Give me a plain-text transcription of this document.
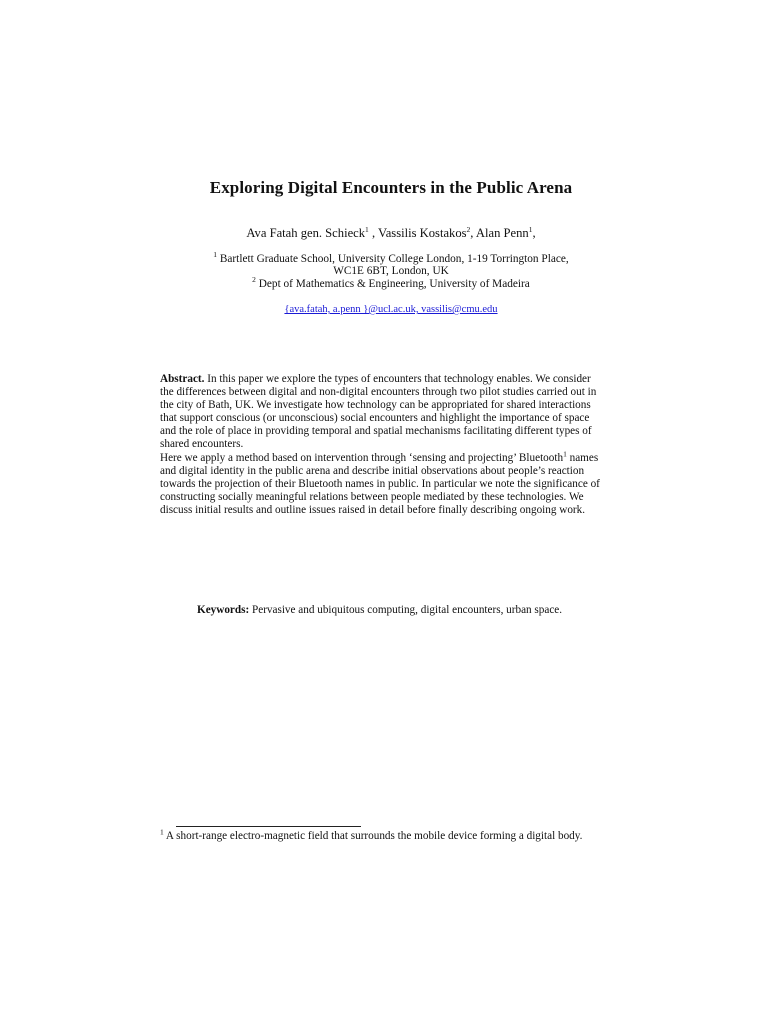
Exploring Digital Encounters in the Public Arena
Ava Fatah gen. Schieck$^1$ , Vassilis Kostakos$^2$, Alan Penn$^1$,
$^1$ Bartlett Graduate School, University College London, 1-19 Torrington Place,
WC1E 6BT, London, UK
$^2$ Dept of Mathematics & Engineering, University of Madeira
{ava.fatah, a.penn }@ucl.ac.uk, vassilis@cmu.edu

Abstract. In this paper we explore the types of encounters that technology enables. We consider the differences between digital and non-digital encounters through two pilot studies carried out in the city of Bath, UK. We investigate how technology can be appropriated for shared interactions that support conscious (or unconscious) social encounters and highlight the importance of space and the role of place in providing temporal and spatial mechanisms facilitating different types of shared encounters.

Here we apply a method based on intervention through ‘sensing and projecting’ Bluetooth$^1$ names and digital identity in the public arena and describe initial observations about people’s reaction towards the projection of their Bluetooth names in public. In particular we note the significance of constructing socially meaningful relations between people mediated by these technologies. We discuss initial results and outline issues raised in detail before finally describing ongoing work.

Keywords: Pervasive and ubiquitous computing, digital encounters, urban space.
$^1$ A short-range electro-magnetic field that surrounds the mobile device forming a digital body.
